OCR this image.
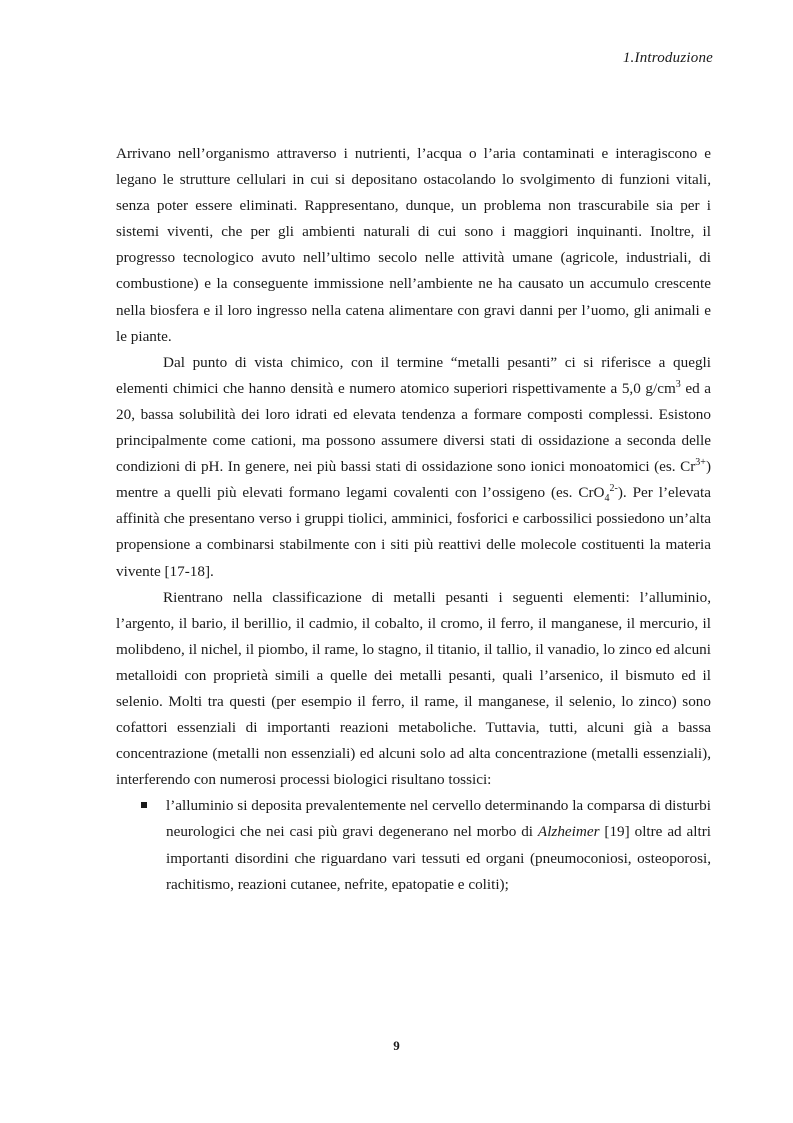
1.Introduzione

Arrivano nell’organismo attraverso i nutrienti, l’acqua o l’aria contaminati e interagiscono e legano le strutture cellulari in cui si depositano ostacolando lo svolgimento di funzioni vitali, senza poter essere eliminati. Rappresentano, dunque, un problema non trascurabile sia per i sistemi viventi, che per gli ambienti naturali di cui sono i maggiori inquinanti. Inoltre, il progresso tecnologico avuto nell’ultimo secolo nelle attività umane (agricole, industriali, di combustione) e la conseguente immissione nell’ambiente ne ha causato un accumulo crescente nella biosfera e il loro ingresso nella catena alimentare con gravi danni per l’uomo, gli animali e le piante.

Dal punto di vista chimico, con il termine “metalli pesanti” ci si riferisce a quegli elementi chimici che hanno densità e numero atomico superiori rispettivamente a 5,0 $g/cm^3$ ed a 20, bassa solubilità dei loro idrati ed elevata tendenza a formare composti complessi. Esistono principalmente come cationi, ma possono assumere diversi stati di ossidazione a seconda delle condizioni di pH. In genere, nei più bassi stati di ossidazione sono ionici monoatomici (es. $Cr^{3+}$) mentre a quelli più elevati formano legami covalenti con l’ossigeno (es. CrO$_4^{2-}$). Per l’elevata affinità che presentano verso i gruppi tiolici, amminici, fosforici e carbossilici possiedono un’alta propensione a combinarsi stabilmente con i siti più reattivi delle molecole costituenti la materia vivente [17-18].

Rientrano nella classificazione di metalli pesanti i seguenti elementi: l’alluminio, l’argento, il bario, il berillio, il cadmio, il cobalto, il cromo, il ferro, il manganese, il mercurio, il molibdeno, il nichel, il piombo, il rame, lo stagno, il titanio, il tallio, il vanadio, lo zinco ed alcuni metalloidi con proprietà simili a quelle dei metalli pesanti, quali l’arsenico, il bismuto ed il selenio. Molti tra questi (per esempio il ferro, il rame, il manganese, il selenio, lo zinco) sono cofattori essenziali di importanti reazioni metaboliche. Tuttavia, tutti, alcuni già a bassa concentrazione (metalli non essenziali) ed alcuni solo ad alta concentrazione (metalli essenziali), interferendo con numerosi processi biologici risultano tossici:

l’alluminio si deposita prevalentemente nel cervello determinando la comparsa di disturbi neurologici che nei casi più gravi degenerano nel morbo di Alzheimer [19] oltre ad altri importanti disordini che riguardano vari tessuti ed organi (pneumoconiosi, osteoporosi, rachitismo, reazioni cutanee, nefrite, epatopatie e coliti);
9
